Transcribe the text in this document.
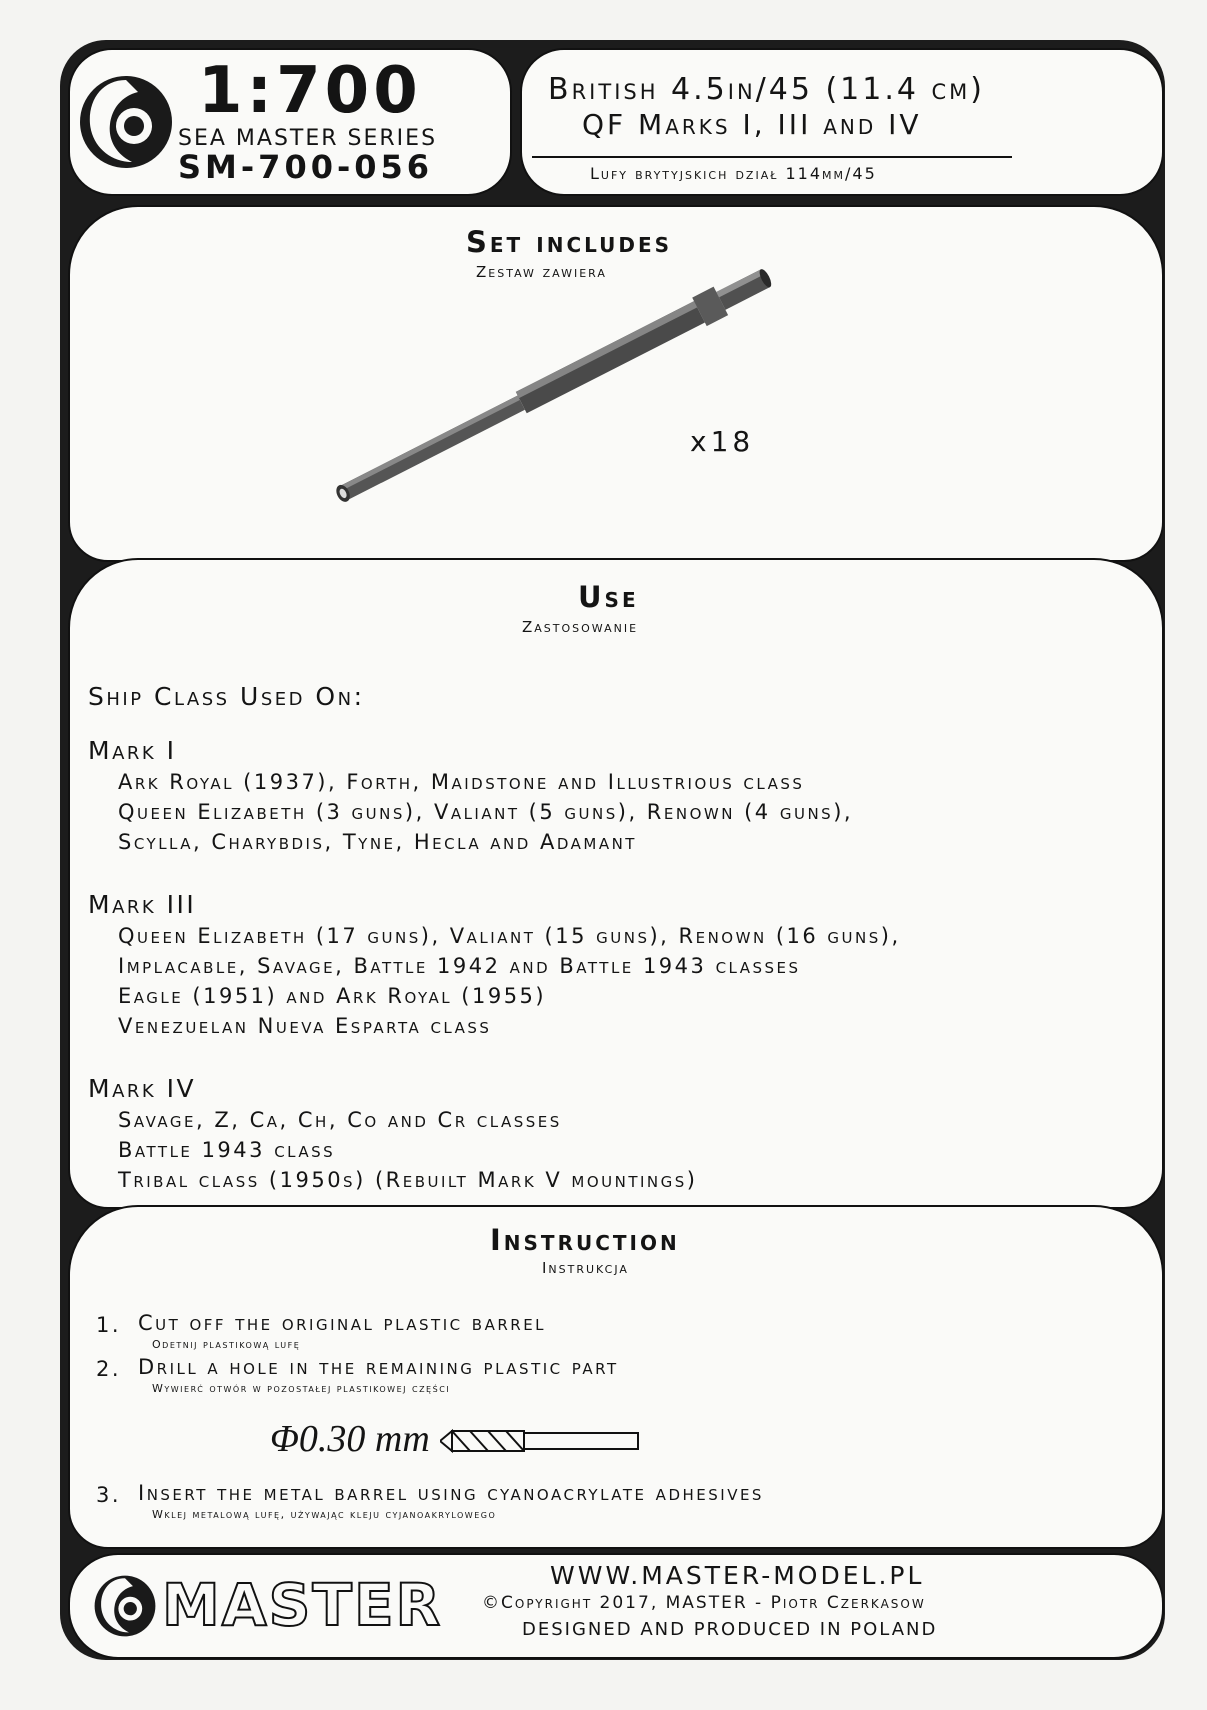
1:700
SEA MASTER SERIES
SM-700-056
British 4.5in/45 (11.4 cm)
QF Marks I, III and IV
Lufy brytyjskich dział 114mm/45
Set includes
Zestaw zawiera
x18
Use
Zastosowanie
Ship Class Used On:
Mark I
Ark Royal (1937), Forth, Maidstone and Illustrious class
Queen Elizabeth (3 guns), Valiant (5 guns), Renown (4 guns),
Scylla, Charybdis, Tyne, Hecla and Adamant
Mark III
Queen Elizabeth (17 guns), Valiant (15 guns), Renown (16 guns),
Implacable, Savage, Battle 1942 and Battle 1943 classes
Eagle (1951) and Ark Royal (1955)
Venezuelan Nueva Esparta class
Mark IV
Savage, Z, Ca, Ch, Co and Cr classes
Battle 1943 class
Tribal class (1950s) (Rebuilt Mark V mountings)
Instruction
Instrukcja
1. Cut off the original plastic barrel
Odetnij plastikową lufę
2. Drill a hole in the remaining plastic part
Wywierć otwór w pozostałej plastikowej części
Φ0.30 mm
3. Insert the metal barrel using cyanoacrylate adhesives
Wklej metalową lufę, używając kleju cyjanoakrylowego
MASTER	WWW.MASTER-MODEL.PL
©Copyright 2017, MASTER - Piotr Czerkasow
DESIGNED AND PRODUCED IN POLAND
